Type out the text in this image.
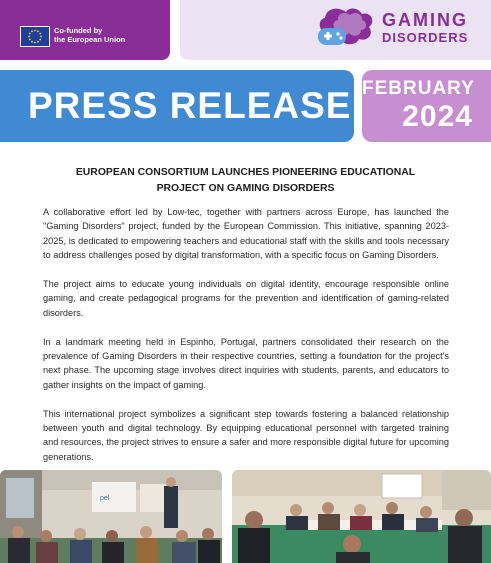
Co-funded by
the European Union
GAMING
DISORDERS
PRESS RELEASE FEBRUARY
2024
EUROPEAN CONSORTIUM LAUNCHES PIONEERING EDUCATIONAL
PROJECT ON GAMING DISORDERS

A collaborative effort led by Low-tec, together with partners across Europe, has launched the "Gaming Disorders" project, funded by the European Commission. This initiative, spanning 2023-2025, is dedicated to empowering teachers and educational staff with the skills and tools necessary to address challenges posed by digital transformation, with a specific focus on Gaming Disorders.

The project aims to educate young individuals on digital identity, encourage responsible online gaming, and create pedagogical programs for the prevention and identification of gaming-related disorders.

In a landmark meeting held in Espinho, Portugal, partners consolidated their research on the prevalence of Gaming Disorders in their respective countries, setting a foundation for the project's next phase. The upcoming stage involves direct inquiries with students, parents, and educators to gather insights on the impact of gaming.

This international project symbolizes a significant step towards fostering a balanced relationship between youth and digital technology. By equipping educational personnel with targeted training and resources, the project strives to ensure a safer and more responsible digital future for upcoming generations.

pel
